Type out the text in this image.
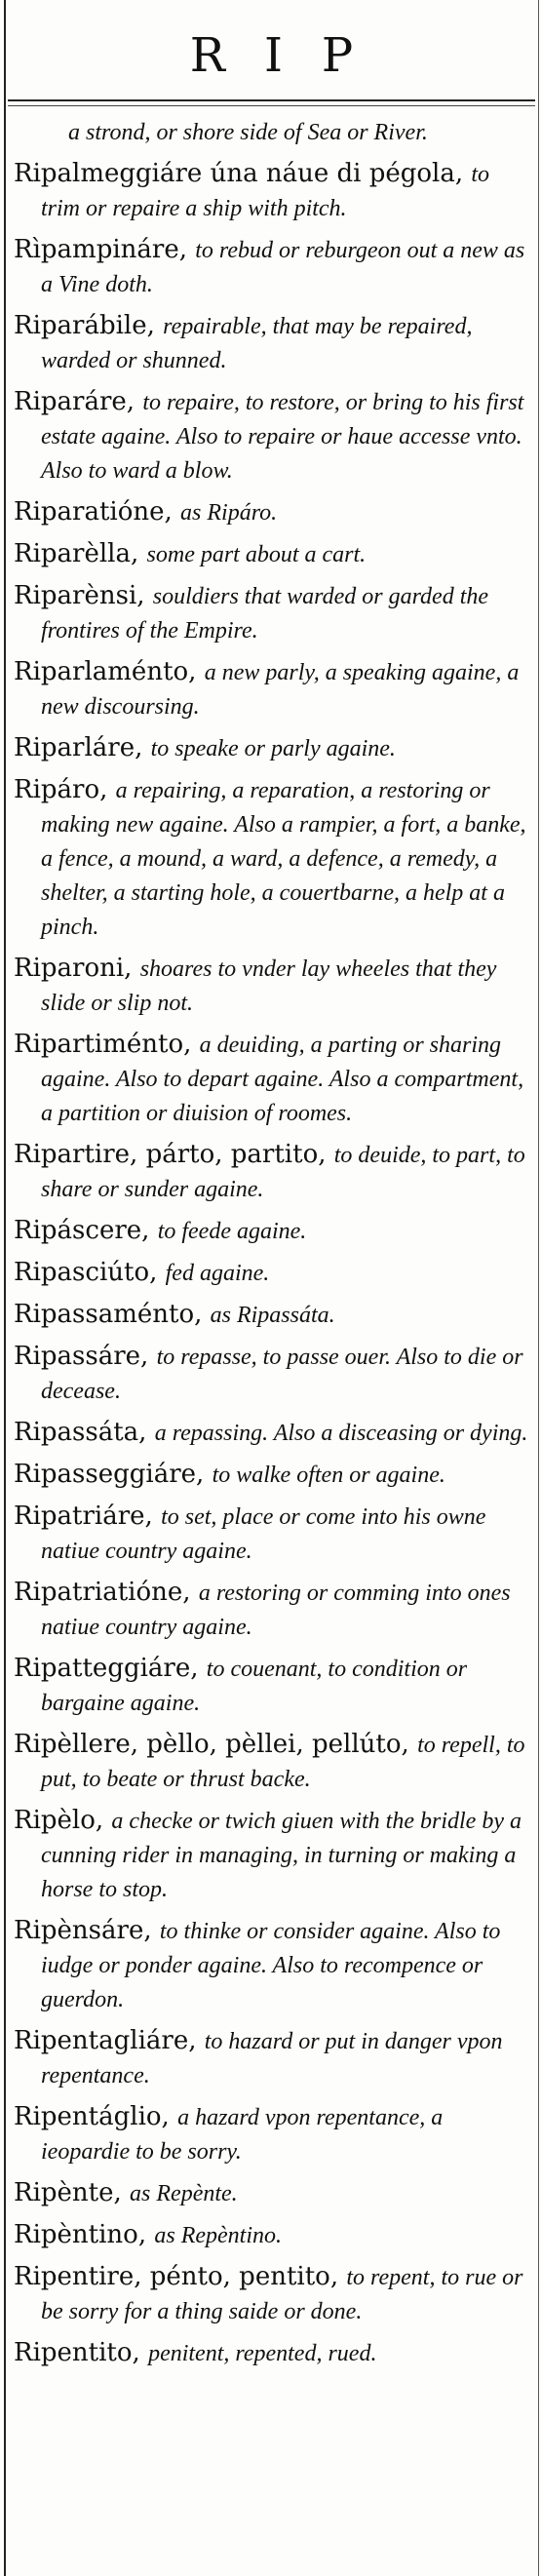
RIP
a strond, or shore side of Sea or River.
Ripalmeggiáre úna náue di pégola, to trim or repaire a ship with pitch.
Rìpampináre, to rebud or reburgeon out a new as a Vine doth.
Riparábile, repairable, that may be repaired, warded or shunned.
Riparáre, to repaire, to restore, or bring to his first estate againe. Also to repaire or haue accesse vnto. Also to ward a blow.
Riparatióne, as Ripáro.
Riparèlla, some part about a cart.
Riparènsi, souldiers that warded or garded the frontires of the Empire.
Riparlaménto, a new parly, a speaking againe, a new discoursing.
Riparláre, to speake or parly againe.
Ripáro, a repairing, a reparation, a restoring or making new againe. Also a rampier, a fort, a banke, a fence, a mound, a ward, a defence, a remedy, a shelter, a starting hole, a couertbarne, a help at a pinch.
Riparoni, shoares to vnder lay wheeles that they slide or slip not.
Ripartiménto, a deuiding, a parting or sharing againe. Also to depart againe. Also a compartment, a partition or diuision of roomes.
Ripartire, párto, partito, to deuide, to part, to share or sunder againe.
Ripáscere, to feede againe.
Ripasciúto, fed againe.
Ripassaménto, as Ripassáta.
Ripassáre, to repasse, to passe ouer. Also to die or decease.
Ripassáta, a repassing. Also a disceasing or dying.
Ripasseggiáre, to walke often or againe.
Ripatriáre, to set, place or come into his owne natiue country againe.
Ripatriatióne, a restoring or comming into ones natiue country againe.
Ripatteggiáre, to couenant, to condition or bargaine againe.
Ripèllere, pèllo, pèllei, pellúto, to repell, to put, to beate or thrust backe.
Ripèlo, a checke or twich giuen with the bridle by a cunning rider in managing, in turning or making a horse to stop.
Ripènsáre, to thinke or consider againe. Also to iudge or ponder againe. Also to recompence or guerdon.
Ripentagliáre, to hazard or put in danger vpon repentance.
Ripentáglio, a hazard vpon repentance, a ieopardie to be sorry.
Ripènte, as Repènte.
Ripèntino, as Repèntino.
Ripentire, pénto, pentito, to repent, to rue or be sorry for a thing saide or done.
Ripentito, penitent, repented, rued.
